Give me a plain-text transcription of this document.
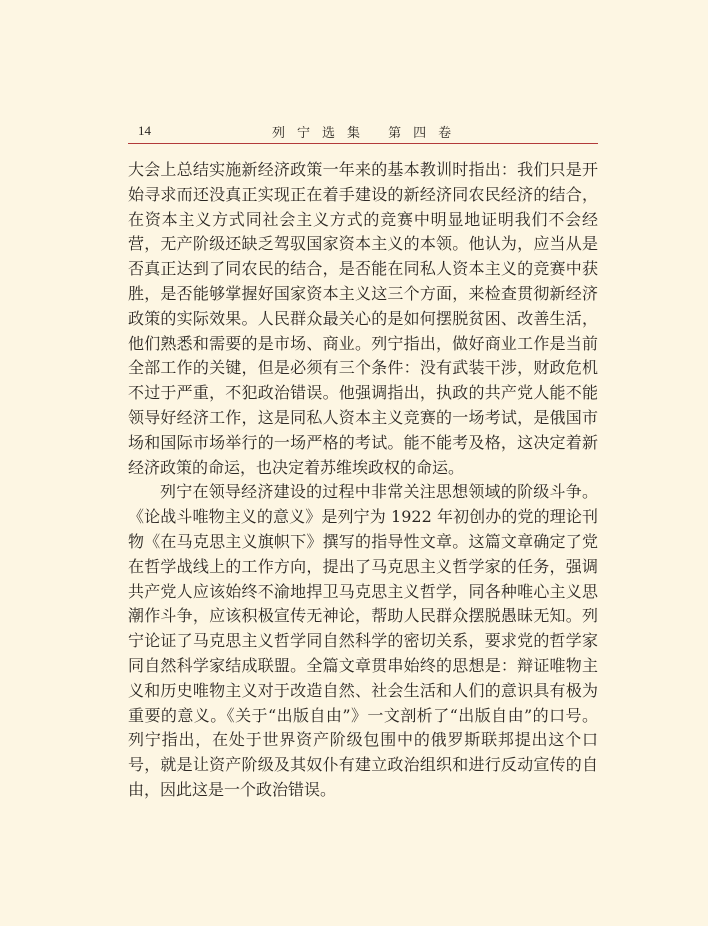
14	列宁选集 第四卷

大会上总结实施新经济政策一年来的基本教训时指出：我们只是开始寻求而还没真正实现正在着手建设的新经济同农民经济的结合，在资本主义方式同社会主义方式的竞赛中明显地证明我们不会经营，无产阶级还缺乏驾驭国家资本主义的本领。他认为，应当从是否真正达到了同农民的结合，是否能在同私人资本主义的竞赛中获胜，是否能够掌握好国家资本主义这三个方面，来检查贯彻新经济政策的实际效果。人民群众最关心的是如何摆脱贫困、改善生活，他们熟悉和需要的是市场、商业。列宁指出，做好商业工作是当前全部工作的关键，但是必须有三个条件：没有武装干涉，财政危机不过于严重，不犯政治错误。他强调指出，执政的共产党人能不能领导好经济工作，这是同私人资本主义竞赛的一场考试，是俄国市场和国际市场举行的一场严格的考试。能不能考及格，这决定着新经济政策的命运，也决定着苏维埃政权的命运。

列宁在领导经济建设的过程中非常关注思想领域的阶级斗争。《论战斗唯物主义的意义》是列宁为 1922 年初创办的党的理论刊物《在马克思主义旗帜下》撰写的指导性文章。这篇文章确定了党在哲学战线上的工作方向，提出了马克思主义哲学家的任务，强调共产党人应该始终不渝地捍卫马克思主义哲学，同各种唯心主义思潮作斗争，应该积极宣传无神论，帮助人民群众摆脱愚昧无知。列宁论证了马克思主义哲学同自然科学的密切关系，要求党的哲学家同自然科学家结成联盟。全篇文章贯串始终的思想是：辩证唯物主义和历史唯物主义对于改造自然、社会生活和人们的意识具有极为重要的意义。《关于“出版自由”》一文剖析了“出版自由”的口号。列宁指出，在处于世界资产阶级包围中的俄罗斯联邦提出这个口号，就是让资产阶级及其奴仆有建立政治组织和进行反动宣传的自由，因此这是一个政治错误。
